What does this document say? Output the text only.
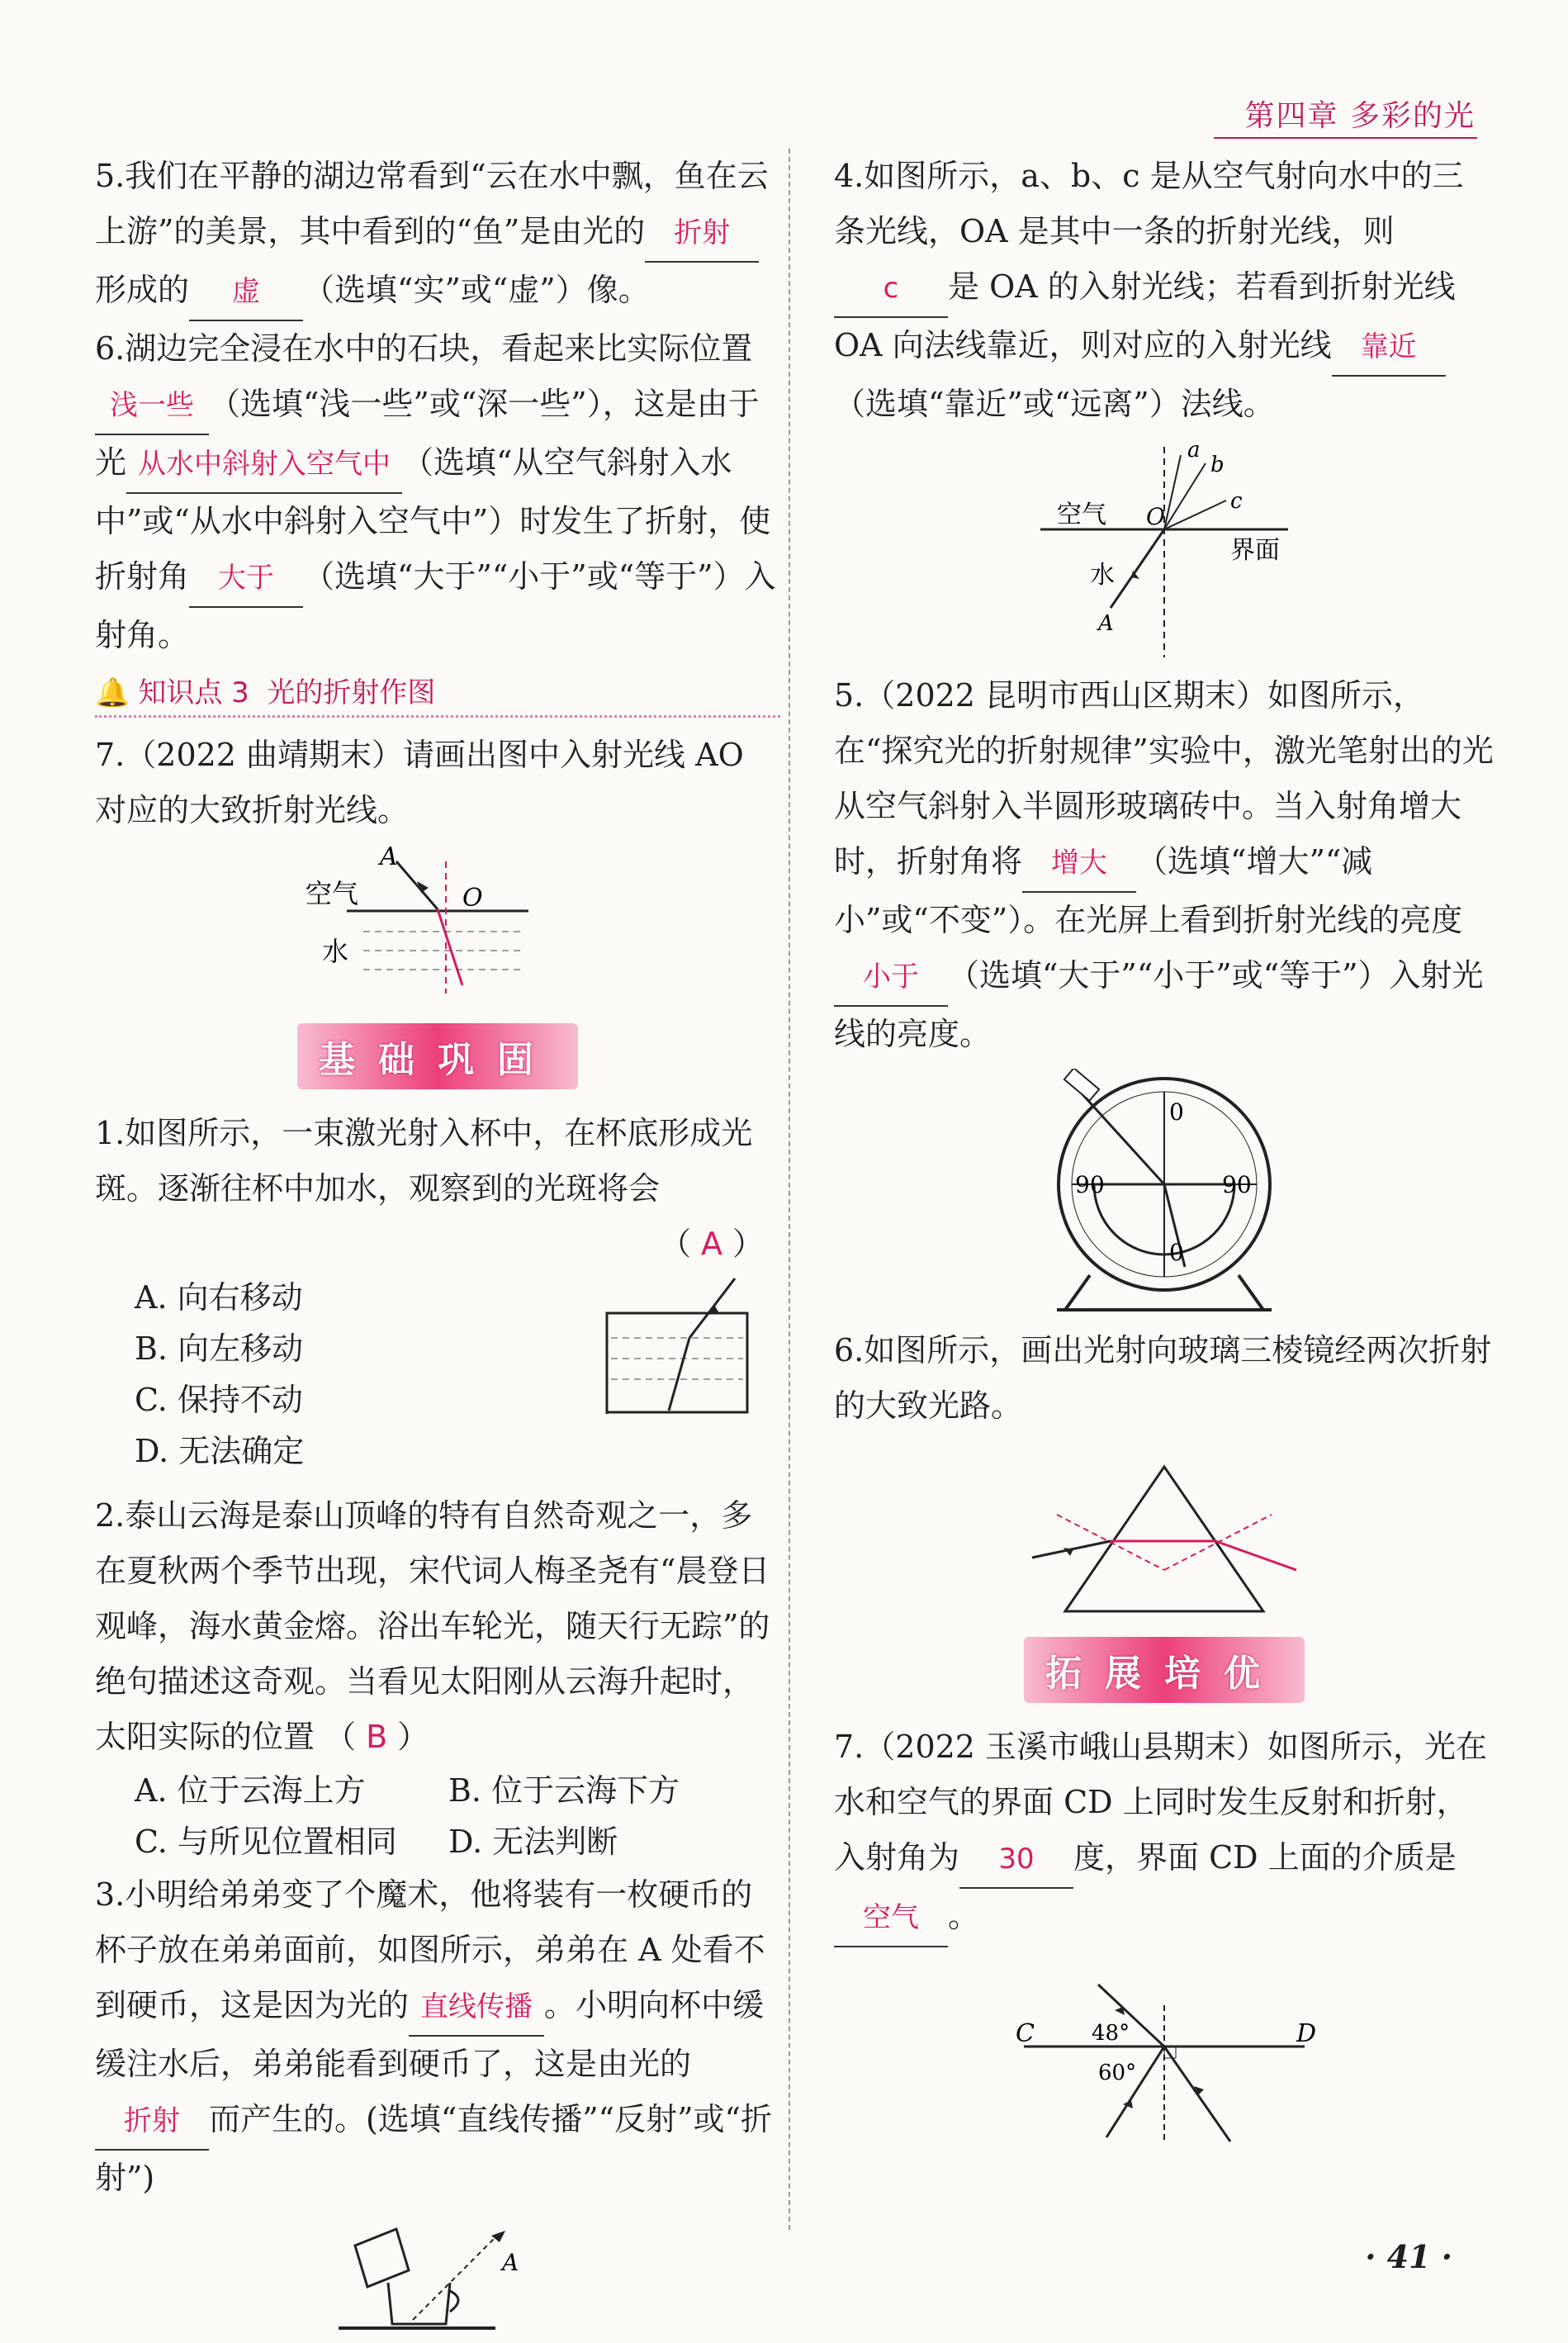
第四章 多彩的光

5.我们在平静的湖边常看到“云在水中飘，鱼在云上游”的美景，其中看到的“鱼”是由光的 折射形成的 虚 （选填“实”或“虚”）像。

6.湖边完全浸在水中的石块，看起来比实际位置浅一些 （选填“浅一些”或“深一些”），这是由于光 从水中斜射入空气中 （选填“从空气斜射入水中”或“从水中斜射入空气中”）时发生了折射，使折射角 大于 （选填“大于”“小于”或“等于”）入射角。

🔔 知识点 3 光的折射作图

7.（2022 曲靖期末）请画出图中入射光线 AO 对应的大致折射光线。

A
O
空气
水
基础巩固

1.如图所示，一束激光射入杯中，在杯底形成光斑。逐渐往杯中加水，观察到的光斑将会

（ A ）

A. 向右移动
B. 向左移动
C. 保持不动
D. 无法确定

2.泰山云海是泰山顶峰的特有自然奇观之一，多在夏秋两个季节出现，宋代词人梅圣尧有“晨登日观峰，海水黄金熔。浴出车轮光，随天行无踪”的绝句描述这奇观。当看见太阳刚从云海升起时，太阳实际的位置 （ B ）

A. 位于云海上方	B. 位于云海下方
C. 与所见位置相同	D. 无法判断

3.小明给弟弟变了个魔术，他将装有一枚硬币的杯子放在弟弟面前，如图所示，弟弟在 A 处看不到硬币，这是因为光的 直线传播 。小明向杯中缓缓注水后，弟弟能看到硬币了，这是由光的折射 而产生的。(选填“直线传播”“反射”或“折射”)

A

4.如图所示，a、b、c 是从空气射向水中的三条光线，OA 是其中一条的折射光线，则c 是 OA 的入射光线；若看到折射光线 OA 向法线靠近，则对应的入射光线 靠近（选填“靠近”或“远离”）法线。

a
b
c
O
A
空气
水
界面

5.（2022 昆明市西山区期末）如图所示，在“探究光的折射规律”实验中，激光笔射出的光从空气斜射入半圆形玻璃砖中。当入射角增大时，折射角将 增大 （选填“增大”“减小”或“不变”）。在光屏上看到折射光线的亮度小于 （选填“大于”“小于”或“等于”）入射光线的亮度。

0
0
90	90

6.如图所示，画出光射向玻璃三棱镜经两次折射的大致光路。

拓展培优

7.（2022 玉溪市峨山县期末）如图所示，光在水和空气的界面 CD 上同时发生反射和折射，入射角为 30 度，界面 CD 上面的介质是空气 。

C	D
48°
60°
· 41 ·
